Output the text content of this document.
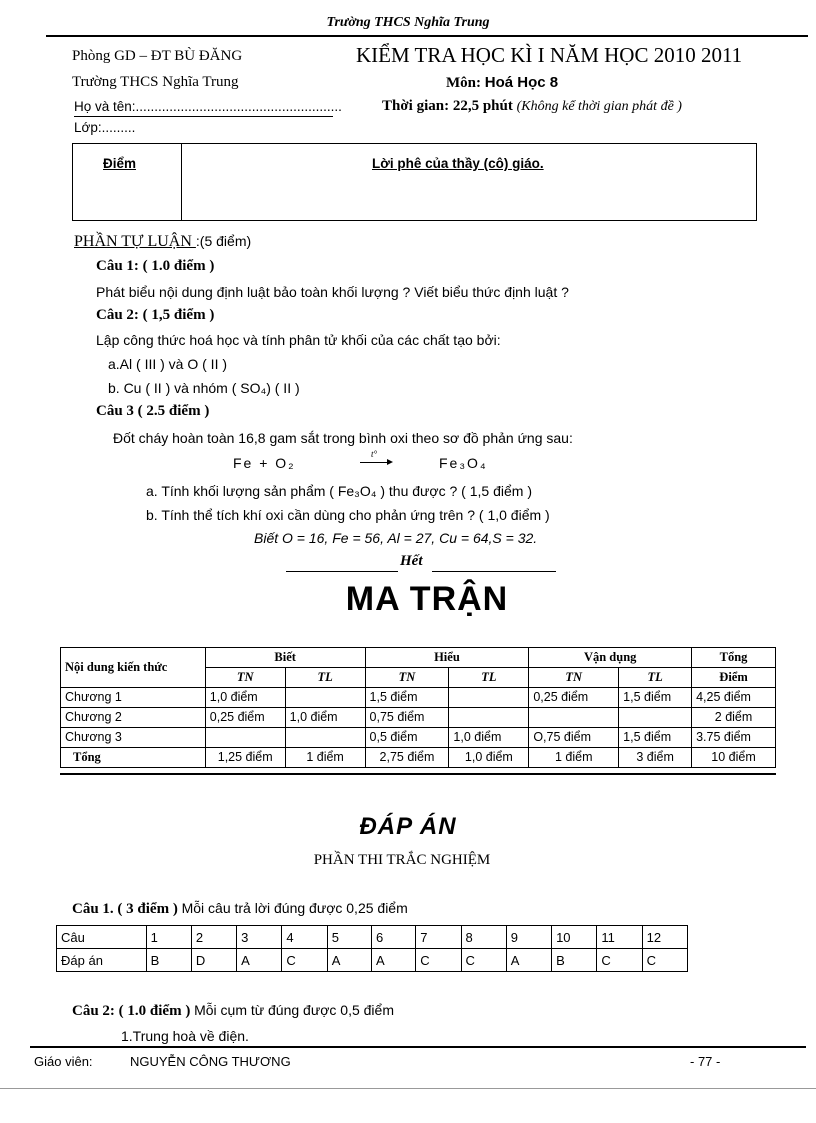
Trường THCS Nghĩa Trung
Phòng GD – ĐT BÙ ĐĂNG
Trường THCS Nghĩa Trung
Họ và tên:.......................................................
Lớp:.........
KIỂM TRA HỌC KÌ I NĂM HỌC 2010 2011
Môn: Hoá Học 8
Thời gian: 22,5 phút (Không kể thời gian phát đề )
Điểm	Lời phê của thầy (cô) giáo.
PHẦN TỰ LUẬN :(5 điểm)
Câu 1: ( 1.0 điểm )
Phát biểu nội dung định luật bảo toàn khối lượng ? Viết biểu thức định luật ?
Câu 2: ( 1,5 điểm )
Lập công thức hoá học và tính phân tử khối của các chất tạo bởi:
a.Al ( III ) và O ( II )
b. Cu ( II ) và nhóm ( SO₄) ( II )
Câu 3 ( 2.5 điểm )
Đốt cháy hoàn toàn 16,8 gam sắt trong bình oxi theo sơ đồ phản ứng sau:
Fe + O₂
t°
Fe₃O₄
a. Tính khối lượng sản phẩm ( Fe₃O₄ ) thu được ? ( 1,5 điểm )
b. Tính thể tích khí oxi cần dùng cho phản ứng trên ? ( 1,0 điểm )
Biết O = 16, Fe = 56, Al = 27, Cu = 64,S = 32.
Hết
MA TRẬN
Nội dung kiến thức	Biết		Hiểu		Vận dụng		Tổng
	TN	TL	TN	TL	TN	TL	Điểm
Chương 1	1,0 điểm		1,5 điểm		0,25 điểm	1,5 điểm	4,25 điểm
Chương 2	0,25 điểm	1,0 điểm	0,75 điểm				2 điểm
Chương 3			0,5 điểm	1,0 điểm	O,75 điểm	1,5 điểm	3.75 điểm
Tổng	1,25 điểm	1 điểm	2,75 điểm	1,0 điểm	1 điểm	3 điểm	10 điểm
ĐÁP ÁN
PHẦN THI TRẮC NGHIỆM
Câu 1. ( 3 điểm ) Mỗi câu trả lời đúng được 0,25 điểm
Câu	1	2	3	4	5	6	7	8	9	10	11	12
Đáp án	B	D	A	C	A	A	C	C	A	B	C	C
Câu 2: ( 1.0 điểm ) Mỗi cụm từ đúng được 0,5 điểm
1.Trung hoà về điện.
Giáo viên:	NGUYỄN CÔNG THƯƠNG	- 77 -
